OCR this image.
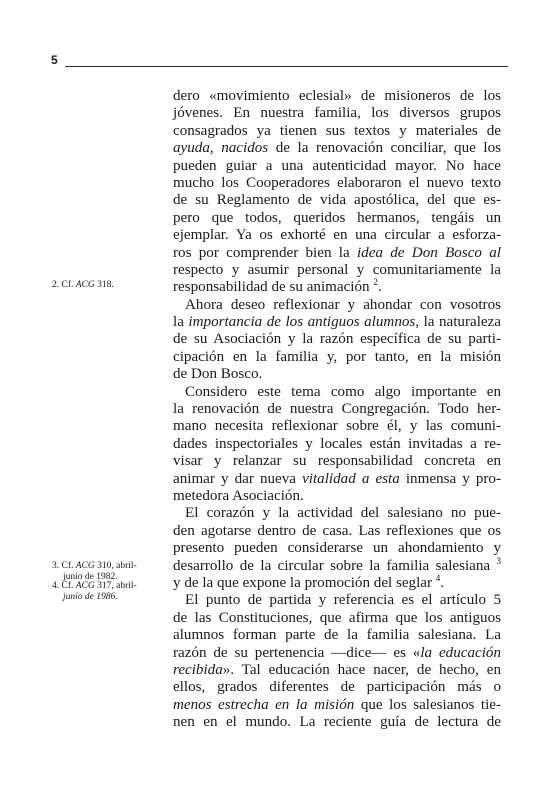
5
dero «movimiento eclesial» de misioneros de los
jóvenes. En nuestra familia, los diversos grupos
consagrados ya tienen sus textos y materiales de
ayuda, nacidos de la renovación conciliar, que los
pueden guiar a una autenticidad mayor. No hace
mucho los Cooperadores elaboraron el nuevo texto
de su Reglamento de vida apostólica, del que es-
pero que todos, queridos hermanos, tengáis un
ejemplar. Ya os exhorté en una circular a esforza-
ros por comprender bien la idea de Don Bosco al
respecto y asumir personal y comunitariamente la
responsabilidad de su animación $^2$.
Ahora deseo reflexionar y ahondar con vosotros
la importancia de los antiguos alumnos, la naturaleza
de su Asociación y la razón específica de su parti-
cipación en la familia y, por tanto, en la misión
de Don Bosco.
Considero este tema como algo importante en
la renovación de nuestra Congregación. Todo her-
mano necesita reflexionar sobre él, y las comuni-
dades inspectoriales y locales están invitadas a re-
visar y relanzar su responsabilidad concreta en
animar y dar nueva vitalidad a esta inmensa y pro-
metedora Asociación.
El corazón y la actividad del salesiano no pue-
den agotarse dentro de casa. Las reflexiones que os
presento pueden considerarse un ahondamiento y
desarrollo de la circular sobre la familia salesiana $^3$
y de la que expone la promoción del seglar $^4$.
El punto de partida y referencia es el artículo 5
de las Constituciones, que afirma que los antiguos
alumnos forman parte de la familia salesiana. La
razón de su pertenencia —dice— es «la educación
recibida». Tal educación hace nacer, de hecho, en
ellos, grados diferentes de participación más o
menos estrecha en la misión que los salesianos tie-
nen en el mundo. La reciente guía de lectura de
2. Cf. ACG 318.
3. Cf. ACG 310, abril-
junio de 1982.
4. Cf. ACG 317, abril-
junio de 1986.
